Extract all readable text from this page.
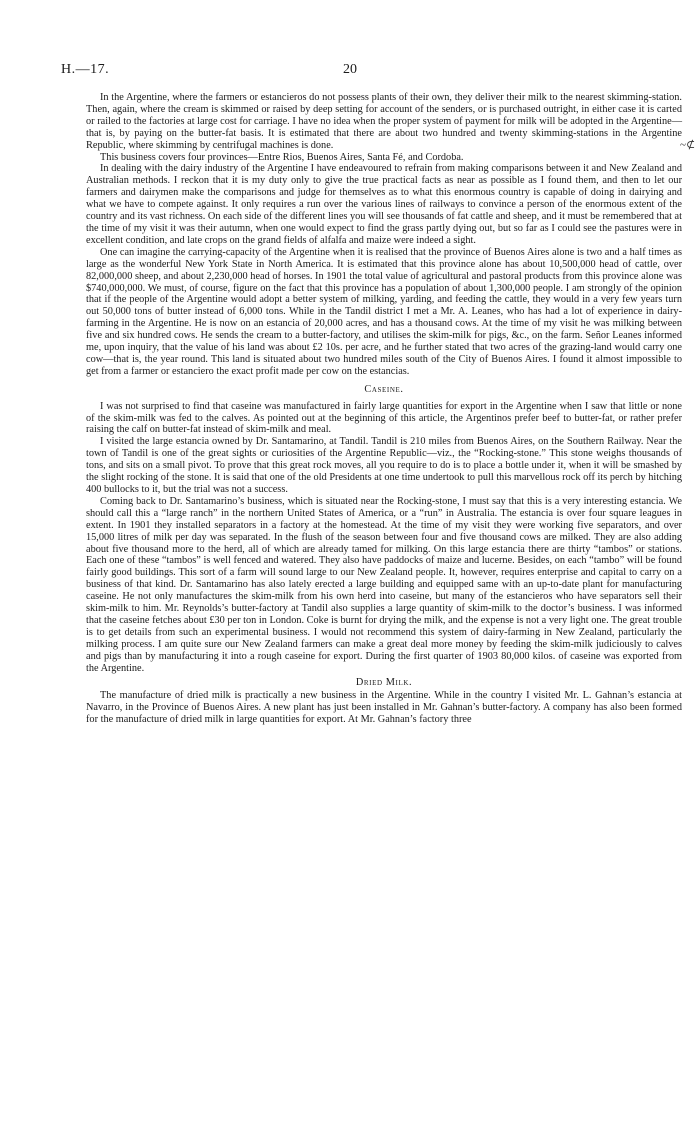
H.—17.	20
~⊄

In the Argentine, where the farmers or estancieros do not possess plants of their own, they deliver their milk to the nearest skimming-station. Then, again, where the cream is skimmed or raised by deep setting for account of the senders, or is purchased outright, in either case it is carted or railed to the factories at large cost for carriage. I have no idea when the proper system of payment for milk will be adopted in the Argentine—that is, by paying on the butter-fat basis. It is estimated that there are about two hundred and twenty skimming-stations in the Argentine Republic, where skimming by centrifugal machines is done.

This business covers four provinces—Entre Rios, Buenos Aires, Santa Fé, and Cordoba.

In dealing with the dairy industry of the Argentine I have endeavoured to refrain from making comparisons between it and New Zealand and Australian methods. I reckon that it is my duty only to give the true practical facts as near as possible as I found them, and then to let our farmers and dairymen make the comparisons and judge for themselves as to what this enormous country is capable of doing in dairying and what we have to compete against. It only requires a run over the various lines of railways to convince a person of the enormous extent of the country and its vast richness. On each side of the different lines you will see thousands of fat cattle and sheep, and it must be remembered that at the time of my visit it was their autumn, when one would expect to find the grass partly dying out, but so far as I could see the pastures were in excellent condition, and late crops on the grand fields of alfalfa and maize were indeed a sight.

One can imagine the carrying-capacity of the Argentine when it is realised that the province of Buenos Aires alone is two and a half times as large as the wonderful New York State in North America. It is estimated that this province alone has about 10,500,000 head of cattle, over 82,000,000 sheep, and about 2,230,000 head of horses. In 1901 the total value of agricultural and pastoral products from this province alone was $740,000,000. We must, of course, figure on the fact that this province has a population of about 1,300,000 people. I am strongly of the opinion that if the people of the Argentine would adopt a better system of milking, yarding, and feeding the cattle, they would in a very few years turn out 50,000 tons of butter instead of 6,000 tons. While in the Tandil district I met a Mr. A. Leanes, who has had a lot of experience in dairy-farming in the Argentine. He is now on an estancia of 20,000 acres, and has a thousand cows. At the time of my visit he was milking between five and six hundred cows. He sends the cream to a butter-factory, and utilises the skim-milk for pigs, &c., on the farm. Señor Leanes informed me, upon inquiry, that the value of his land was about £2 10s. per acre, and he further stated that two acres of the grazing-land would carry one cow—that is, the year round. This land is situated about two hundred miles south of the City of Buenos Aires. I found it almost impossible to get from a farmer or estanciero the exact profit made per cow on the estancias.

Caseine.

I was not surprised to find that caseine was manufactured in fairly large quantities for export in the Argentine when I saw that little or none of the skim-milk was fed to the calves. As pointed out at the beginning of this article, the Argentinos prefer beef to butter-fat, or rather prefer raising the calf on butter-fat instead of skim-milk and meal.

I visited the large estancia owned by Dr. Santamarino, at Tandil. Tandil is 210 miles from Buenos Aires, on the Southern Railway. Near the town of Tandil is one of the great sights or curiosities of the Argentine Republic—viz., the “Rocking-stone.” This stone weighs thousands of tons, and sits on a small pivot. To prove that this great rock moves, all you require to do is to place a bottle under it, when it will be smashed by the slight rocking of the stone. It is said that one of the old Presidents at one time undertook to pull this marvellous rock off its perch by hitching 400 bullocks to it, but the trial was not a success.

Coming back to Dr. Santamarino’s business, which is situated near the Rocking-stone, I must say that this is a very interesting estancia. We should call this a “large ranch” in the northern United States of America, or a “run” in Australia. The estancia is over four square leagues in extent. In 1901 they installed separators in a factory at the homestead. At the time of my visit they were working five separators, and over 15,000 litres of milk per day was separated. In the flush of the season between four and five thousand cows are milked. They are also adding about five thousand more to the herd, all of which are already tamed for milking. On this large estancia there are thirty “tambos” or stations. Each one of these “tambos” is well fenced and watered. They also have paddocks of maize and lucerne. Besides, on each “tambo” will be found fairly good buildings. This sort of a farm will sound large to our New Zealand people. It, however, requires enterprise and capital to carry on a business of that kind. Dr. Santamarino has also lately erected a large building and equipped same with an up-to-date plant for manufacturing caseine. He not only manufactures the skim-milk from his own herd into caseine, but many of the estancieros who have separators sell their skim-milk to him. Mr. Reynolds’s butter-factory at Tandil also supplies a large quantity of skim-milk to the doctor’s business. I was informed that the caseine fetches about £30 per ton in London. Coke is burnt for drying the milk, and the expense is not a very light one. The great trouble is to get details from such an experimental business. I would not recommend this system of dairy-farming in New Zealand, particularly the milking process. I am quite sure our New Zealand farmers can make a great deal more money by feeding the skim-milk judiciously to calves and pigs than by manufacturing it into a rough caseine for export. During the first quarter of 1903 80,000 kilos. of caseine was exported from the Argentine.

Dried Milk.

The manufacture of dried milk is practically a new business in the Argentine. While in the country I visited Mr. L. Gahnan’s estancia at Navarro, in the Province of Buenos Aires. A new plant has just been installed in Mr. Gahnan’s butter-factory. A company has also been formed for the manufacture of dried milk in large quantities for export. At Mr. Gahnan’s factory three
